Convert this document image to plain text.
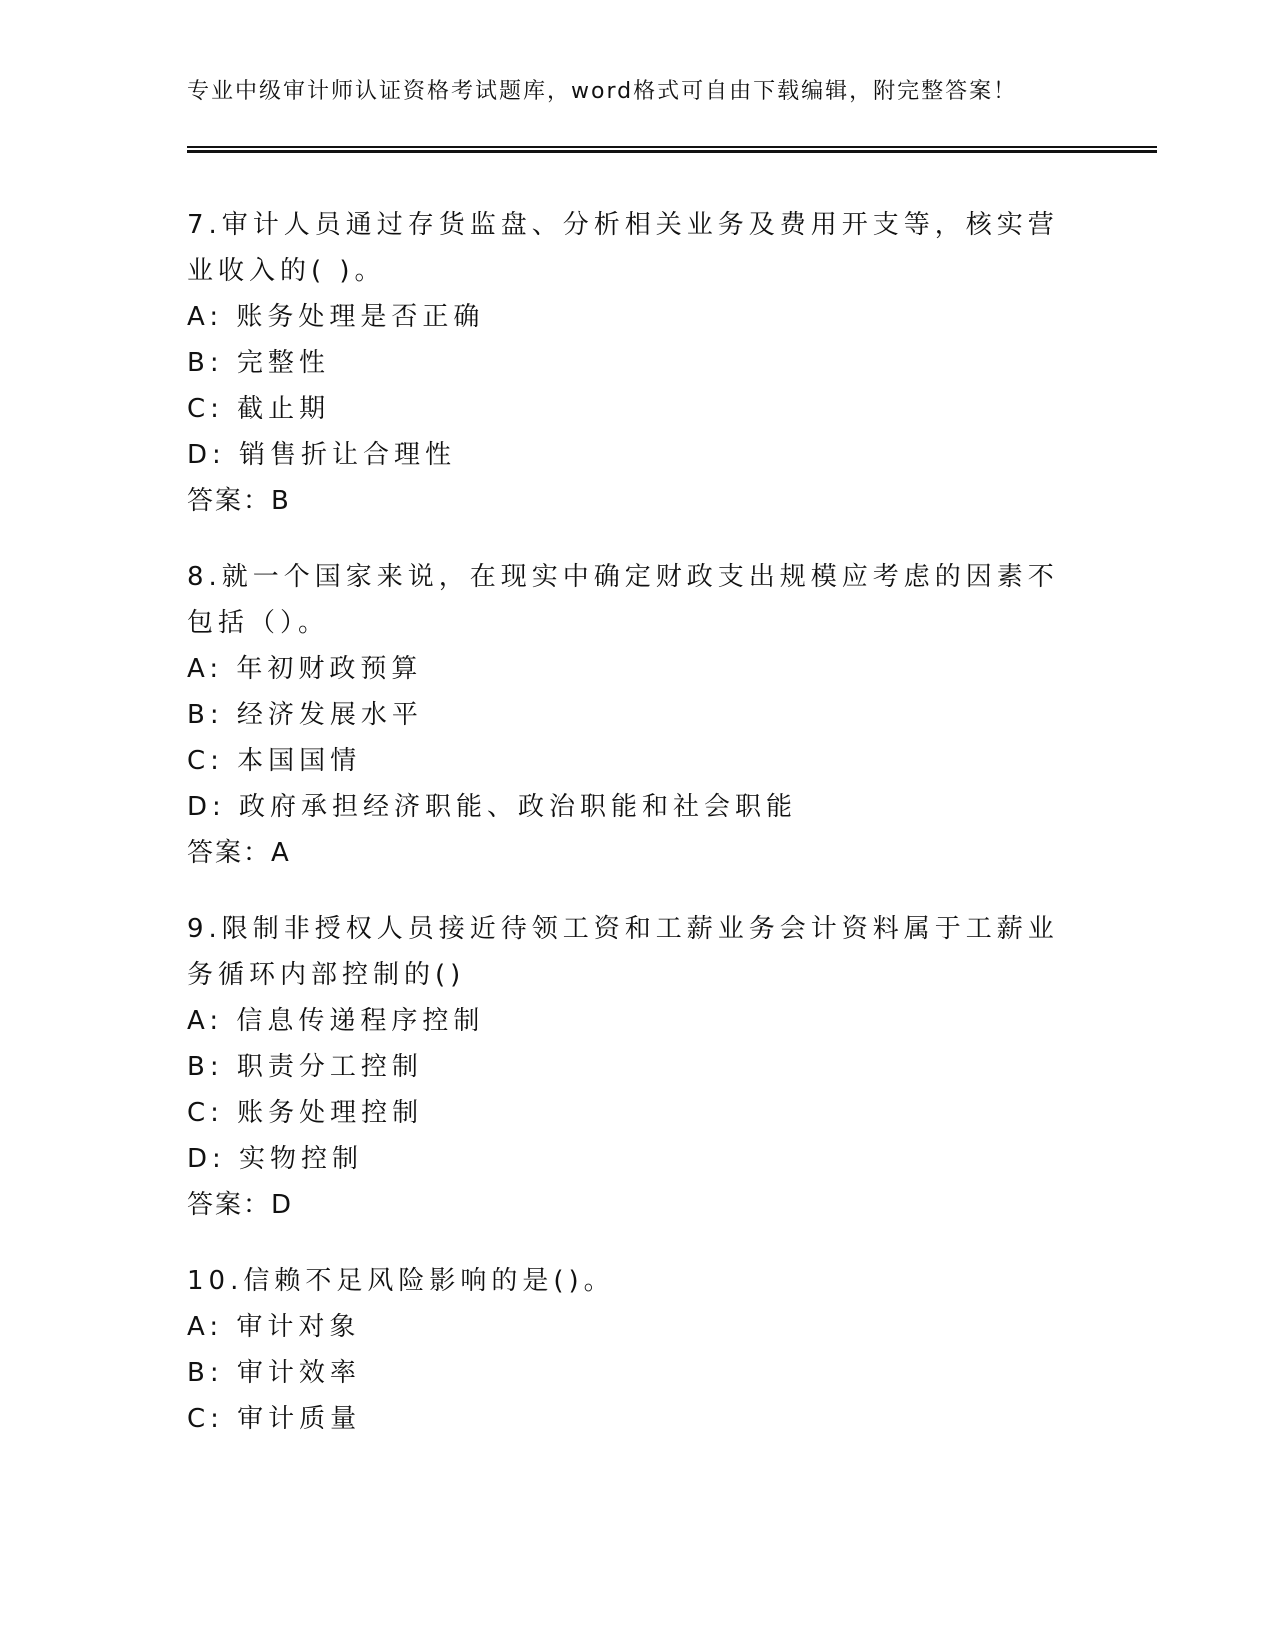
专业中级审计师认证资格考试题库，word格式可自由下载编辑，附完整答案！

7.审计人员通过存货监盘、分析相关业务及费用开支等，核实营业收入的( )。

A: 账务处理是否正确

B: 完整性

C: 截止期

D: 销售折让合理性

答案：B

8.就一个国家来说，在现实中确定财政支出规模应考虑的因素不包括（）。

A: 年初财政预算

B: 经济发展水平

C: 本国国情

D: 政府承担经济职能、政治职能和社会职能

答案：A

9.限制非授权人员接近待领工资和工薪业务会计资料属于工薪业务循环内部控制的()

A: 信息传递程序控制

B: 职责分工控制

C: 账务处理控制

D: 实物控制

答案：D

10.信赖不足风险影响的是()。

A: 审计对象

B: 审计效率

C: 审计质量
